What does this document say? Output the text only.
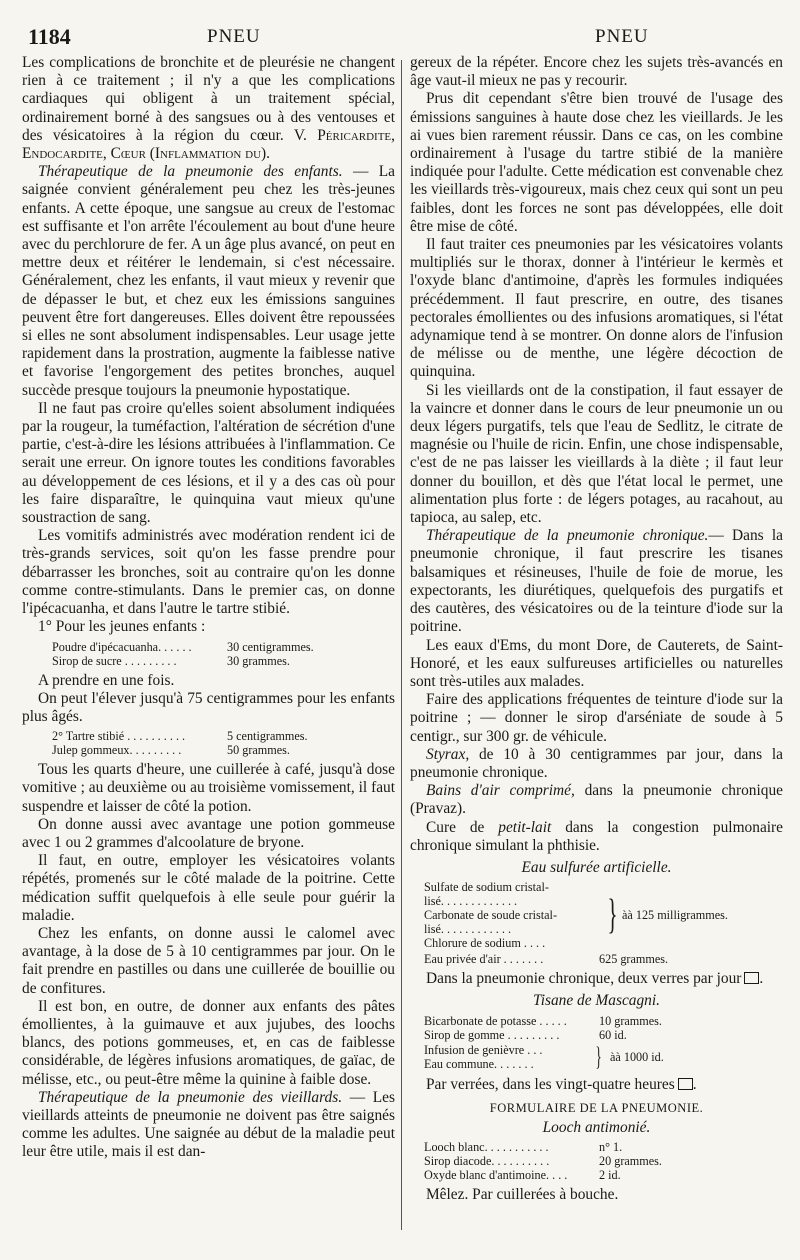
1184	PNEU	PNEU

Les complications de bronchite et de pleurésie ne changent rien à ce traitement ; il n'y a que les complications cardiaques qui obligent à un traitement spécial, ordinairement borné à des sangsues ou à des ventouses et des vésicatoires à la région du cœur. V. Péricardite, Endocardite, Cœur (Inflammation du).

Thérapeutique de la pneumonie des enfants. — La saignée convient généralement peu chez les très-jeunes enfants. A cette époque, une sangsue au creux de l'estomac est suffisante et l'on arrête l'écoulement au bout d'une heure avec du perchlorure de fer. A un âge plus avancé, on peut en mettre deux et réitérer le lendemain, si c'est nécessaire. Généralement, chez les enfants, il vaut mieux y revenir que de dépasser le but, et chez eux les émissions sanguines peuvent être fort dangereuses. Elles doivent être repoussées si elles ne sont absolument indispensables. Leur usage jette rapidement dans la prostration, augmente la faiblesse native et favorise l'engorgement des petites bronches, auquel succède presque toujours la pneumonie hypostatique.

Il ne faut pas croire qu'elles soient absolument indiquées par la rougeur, la tuméfaction, l'altération de sécrétion d'une partie, c'est-à-dire les lésions attribuées à l'inflammation. Ce serait une erreur. On ignore toutes les conditions favorables au développement de ces lésions, et il y a des cas où pour les faire disparaître, le quinquina vaut mieux qu'une soustraction de sang.

Les vomitifs administrés avec modération rendent ici de très-grands services, soit qu'on les fasse prendre pour débarrasser les bronches, soit au contraire qu'on les donne comme contre-stimulants. Dans le premier cas, on donne l'ipécacuanha, et dans l'autre le tartre stibié.

1° Pour les jeunes enfants :

Poudre d'ipécacuanha. . . . . .	30 centigrammes.
Sirop de sucre . . . . . . . . .	30 grammes.

A prendre en une fois.

On peut l'élever jusqu'à 75 centigrammes pour les enfants plus âgés.

2° Tartre stibié . . . . . . . . . .	5 centigrammes.
Julep gommeux. . . . . . . . .	50 grammes.

Tous les quarts d'heure, une cuillerée à café, jusqu'à dose vomitive ; au deuxième ou au troisième vomissement, il faut suspendre et laisser de côté la potion.

On donne aussi avec avantage une potion gommeuse avec 1 ou 2 grammes d'alcoolature de bryone.

Il faut, en outre, employer les vésicatoires volants répétés, promenés sur le côté malade de la poitrine. Cette médication suffit quelquefois à elle seule pour guérir la maladie.

Chez les enfants, on donne aussi le calomel avec avantage, à la dose de 5 à 10 centigrammes par jour. On le fait prendre en pastilles ou dans une cuillerée de bouillie ou de confitures.

Il est bon, en outre, de donner aux enfants des pâtes émollientes, à la guimauve et aux jujubes, des loochs blancs, des potions gommeuses, et, en cas de faiblesse considérable, de légères infusions aromatiques, de gaïac, de mélisse, etc., ou peut-être même la quinine à faible dose.

Thérapeutique de la pneumonie des vieillards. — Les vieillards atteints de pneumonie ne doivent pas être saignés comme les adultes. Une saignée au début de la maladie peut leur être utile, mais il est dan-

gereux de la répéter. Encore chez les sujets très-avancés en âge vaut-il mieux ne pas y recourir.

Prus dit cependant s'être bien trouvé de l'usage des émissions sanguines à haute dose chez les vieillards. Je les ai vues bien rarement réussir. Dans ce cas, on les combine ordinairement à l'usage du tartre stibié de la manière indiquée pour l'adulte. Cette médication est convenable chez les vieillards très-vigoureux, mais chez ceux qui sont un peu faibles, dont les forces ne sont pas développées, elle doit être mise de côté.

Il faut traiter ces pneumonies par les vésicatoires volants multipliés sur le thorax, donner à l'intérieur le kermès et l'oxyde blanc d'antimoine, d'après les formules indiquées précédemment. Il faut prescrire, en outre, des tisanes pectorales émollientes ou des infusions aromatiques, si l'état adynamique tend à se montrer. On donne alors de l'infusion de mélisse ou de menthe, une légère décoction de quinquina.

Si les vieillards ont de la constipation, il faut essayer de la vaincre et donner dans le cours de leur pneumonie un ou deux légers purgatifs, tels que l'eau de Sedlitz, le citrate de magnésie ou l'huile de ricin. Enfin, une chose indispensable, c'est de ne pas laisser les vieillards à la diète ; il faut leur donner du bouillon, et dès que l'état local le permet, une alimentation plus forte : de légers potages, au racahout, au tapioca, au salep, etc.

Thérapeutique de la pneumonie chronique.— Dans la pneumonie chronique, il faut prescrire les tisanes balsamiques et résineuses, l'huile de foie de morue, les expectorants, les diurétiques, quelquefois des purgatifs et des cautères, des vésicatoires ou de la teinture d'iode sur la poitrine.

Les eaux d'Ems, du mont Dore, de Cauterets, de Saint-Honoré, et les eaux sulfureuses artificielles ou naturelles sont très-utiles aux malades.

Faire des applications fréquentes de teinture d'iode sur la poitrine ; — donner le sirop d'arséniate de soude à 5 centigr., sur 300 gr. de véhicule.

Styrax, de 10 à 30 centigrammes par jour, dans la pneumonie chronique.

Bains d'air comprimé, dans la pneumonie chronique (Pravaz).

Cure de petit-lait dans la congestion pulmonaire chronique simulant la phthisie.

Eau sulfurée artificielle.

Sulfate de sodium cristal-
lisé. . . . . . . . . . . . .
Carbonate de soude cristal-
lisé. . . . . . . . . . . .
Chlorure de sodium . . . .
} àà 125 milligrammes.
Eau privée d'air . . . . . . .	625 grammes.

Dans la pneumonie chronique, deux verres par jour .

Tisane de Mascagni.

Bicarbonate de potasse . . . . .	10 grammes.
Sirop de gomme . . . . . . . . .	60 id.
Infusion de genièvre . . .
Eau commune. . . . . . .	} àà 1000 id.

Par verrées, dans les vingt-quatre heures .

FORMULAIRE DE LA PNEUMONIE.

Looch antimonié.

Looch blanc. . . . . . . . . . .	n° 1.
Sirop diacode. . . . . . . . . .	20 grammes.
Oxyde blanc d'antimoine. . . .	2 id.

Mêlez. Par cuillerées à bouche.
